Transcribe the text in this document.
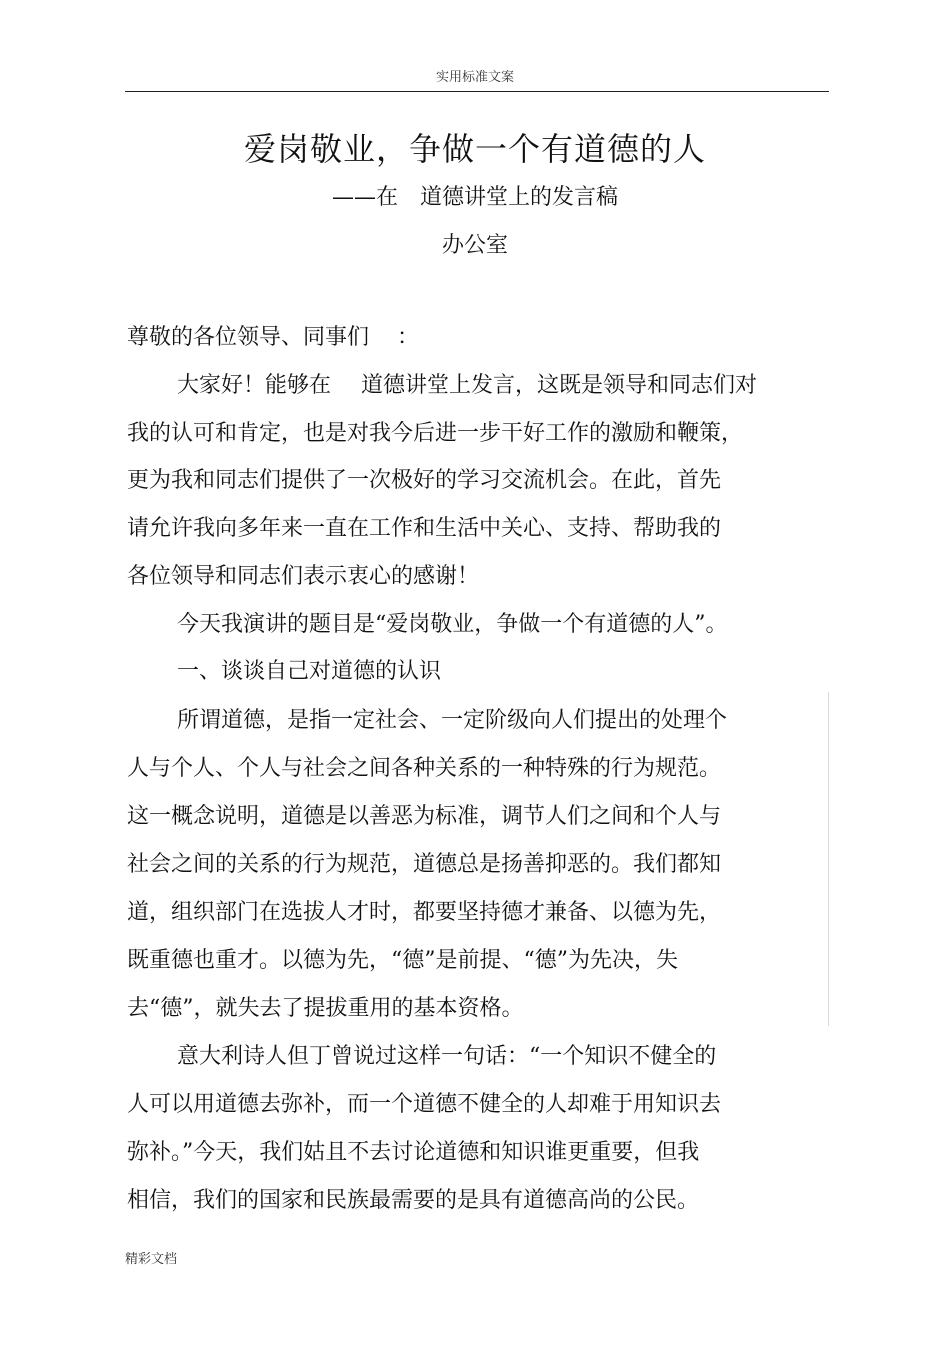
实用标准文案
爱岗敬业，争做一个有道德的人
——在 道德讲堂上的发言稿
办公室
尊敬的各位领导、同事们 ：
大家好！能够在 道德讲堂上发言，这既是领导和同志们对
我的认可和肯定，也是对我今后进一步干好工作的激励和鞭策，
更为我和同志们提供了一次极好的学习交流机会。在此，首先
请允许我向多年来一直在工作和生活中关心、支持、帮助我的
各位领导和同志们表示衷心的感谢！
今天我演讲的题目是“爱岗敬业，争做一个有道德的人”。
一、谈谈自己对道德的认识
所谓道德，是指一定社会、一定阶级向人们提出的处理个
人与个人、个人与社会之间各种关系的一种特殊的行为规范。
这一概念说明，道德是以善恶为标准，调节人们之间和个人与
社会之间的关系的行为规范，道德总是扬善抑恶的。我们都知
道，组织部门在选拔人才时，都要坚持德才兼备、以德为先，
既重德也重才。以德为先，“德”是前提、“德”为先决，失
去“德”，就失去了提拔重用的基本资格。
意大利诗人但丁曾说过这样一句话：“一个知识不健全的
人可以用道德去弥补，而一个道德不健全的人却难于用知识去
弥补。”今天，我们姑且不去讨论道德和知识谁更重要，但我
相信，我们的国家和民族最需要的是具有道德高尚的公民。
精彩文档
